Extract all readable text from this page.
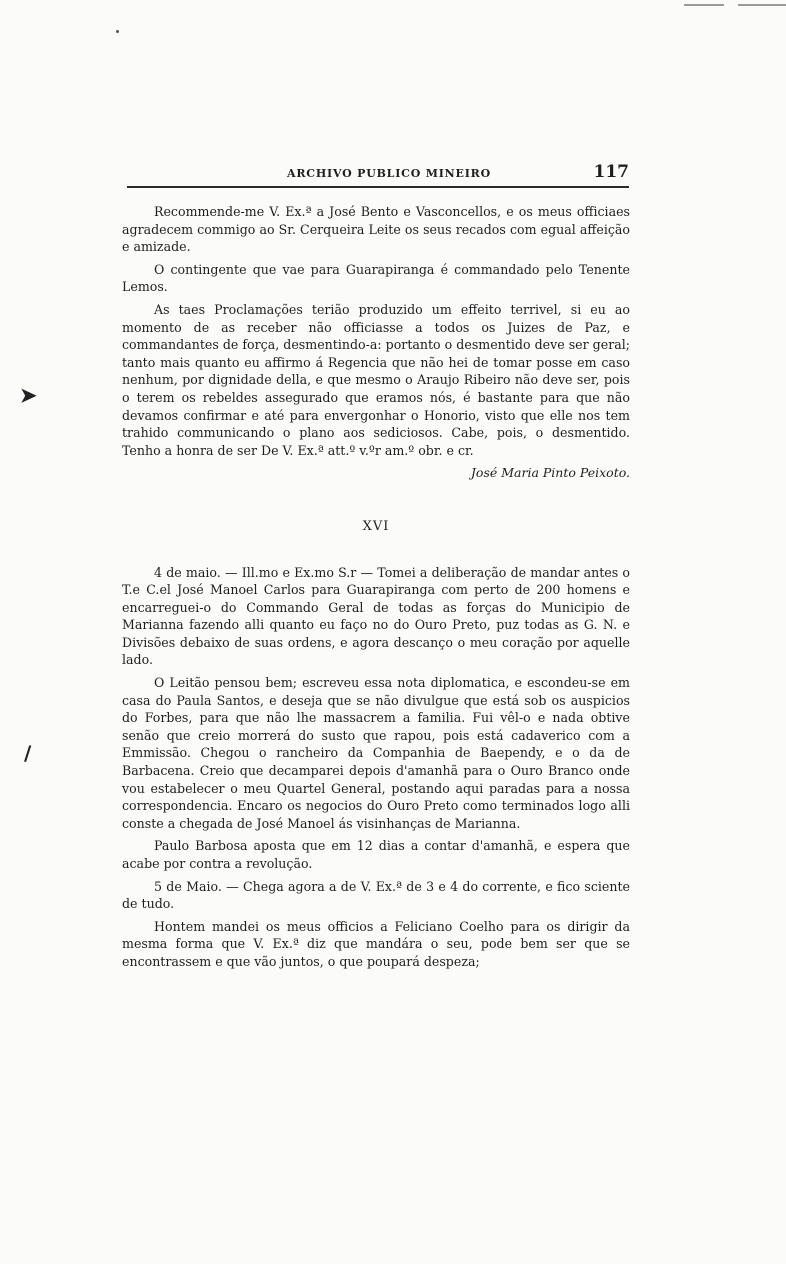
➤
/
ARCHIVO PUBLICO MINEIRO	117

Recommende-me V. Ex.ª a José Bento e Vasconcellos, e os meus officiaes agradecem commigo ao Sr. Cerqueira Leite os seus recados com egual affeição e amizade.

O contingente que vae para Guarapiranga é commandado pelo Tenente Lemos.

As taes Proclamações terião produzido um effeito terrivel, si eu ao momento de as receber não officiasse a todos os Juizes de Paz, e commandantes de força, desmentindo-a: portanto o desmentido deve ser geral; tanto mais quanto eu affirmo á Regencia que não hei de tomar posse em caso nenhum, por dignidade della, e que mesmo o Araujo Ribeiro não deve ser, pois o terem os rebeldes assegurado que eramos nós, é bastante para que não devamos confirmar e até para envergonhar o Honorio, visto que elle nos tem trahido communicando o plano aos sediciosos. Cabe, pois, o desmentido. Tenho a honra de ser De V. Ex.ª att.º v.ºr am.º obr. e cr.

José Maria Pinto Peixoto.

XVI

4 de maio. — Ill.mo e Ex.mo S.r — Tomei a deliberação de mandar antes o T.e C.el José Manoel Carlos para Guarapiranga com perto de 200 homens e encarreguei-o do Commando Geral de todas as forças do Municipio de Marianna fazendo alli quanto eu faço no do Ouro Preto, puz todas as G. N. e Divisões debaixo de suas ordens, e agora descanço o meu coração por aquelle lado.

O Leitão pensou bem; escreveu essa nota diplomatica, e escondeu-se em casa do Paula Santos, e deseja que se não divulgue que está sob os auspicios do Forbes, para que não lhe massacrem a familia. Fui vêl-o e nada obtive senão que creio morrerá do susto que rapou, pois está cadaverico com a Emmissão. Chegou o rancheiro da Companhia de Baependy, e o da de Barbacena. Creio que decamparei depois d'amanhã para o Ouro Branco onde vou estabelecer o meu Quartel General, postando aqui paradas para a nossa correspondencia. Encaro os negocios do Ouro Preto como terminados logo alli conste a chegada de José Manoel ás visinhanças de Marianna.

Paulo Barbosa aposta que em 12 dias a contar d'amanhã, e espera que acabe por contra a revolução.

5 de Maio. — Chega agora a de V. Ex.ª de 3 e 4 do corrente, e fico sciente de tudo.

Hontem mandei os meus officios a Feliciano Coelho para os dirigir da mesma forma que V. Ex.ª diz que mandára o seu, pode bem ser que se encontrassem e que vão juntos, o que poupará despeza;
